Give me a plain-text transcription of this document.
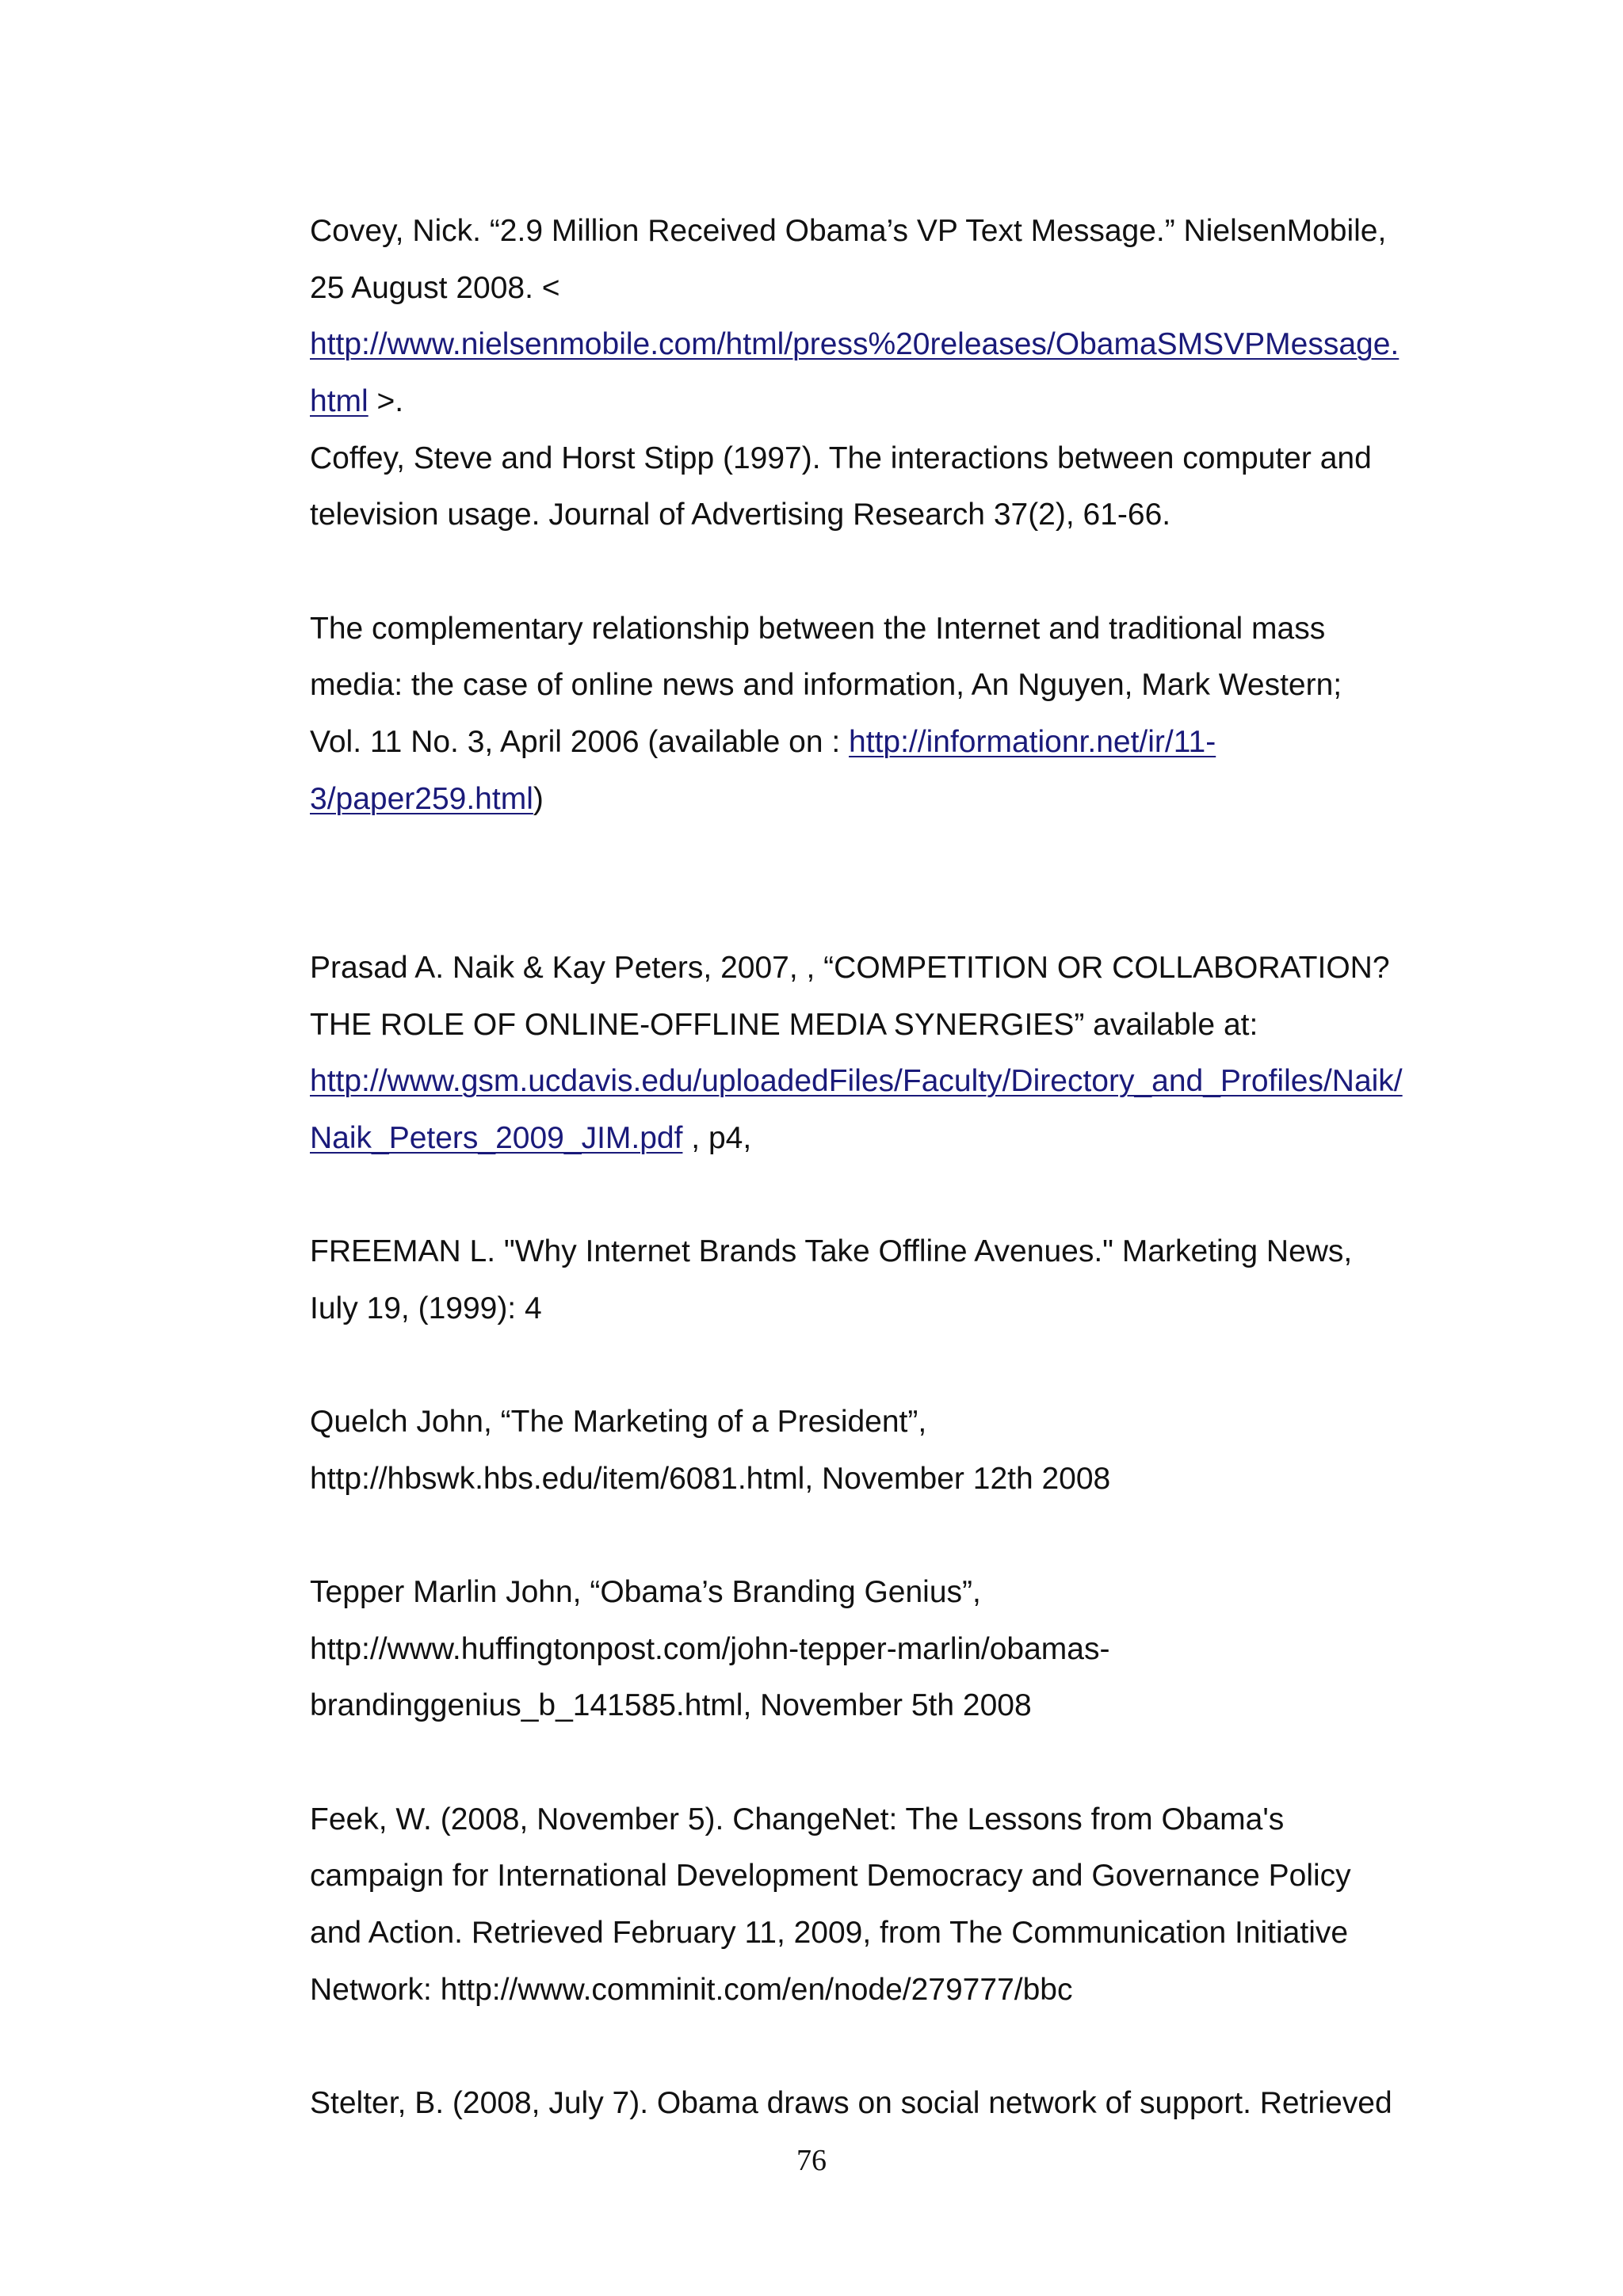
Covey, Nick. “2.9 Million Received Obama’s VP Text Message.” NielsenMobile,
25 August 2008. <
http://www.nielsenmobile.com/html/press%20releases/ObamaSMSVPMessage.
html >.
Coffey, Steve and Horst Stipp (1997). The interactions between computer and
television usage. Journal of Advertising Research 37(2), 61-66.
The complementary relationship between the Internet and traditional mass
media: the case of online news and information, An Nguyen, Mark Western;
Vol. 11 No. 3, April 2006 (available on : http://informationr.net/ir/11-
3/paper259.html)
Prasad A. Naik & Kay Peters, 2007, , “COMPETITION OR COLLABORATION?
THE ROLE OF ONLINE-OFFLINE MEDIA SYNERGIES” available at:
http://www.gsm.ucdavis.edu/uploadedFiles/Faculty/Directory_and_Profiles/Naik/
Naik_Peters_2009_JIM.pdf , p4,
FREEMAN L. "Why Internet Brands Take Offline Avenues." Marketing News,
Iuly 19, (1999): 4
Quelch John, “The Marketing of a President”,
http://hbswk.hbs.edu/item/6081.html, November 12th 2008
Tepper Marlin John, “Obama’s Branding Genius”,
http://www.huffingtonpost.com/john-tepper-marlin/obamas-
brandinggenius_b_141585.html, November 5th 2008
Feek, W. (2008, November 5). ChangeNet: The Lessons from Obama's
campaign for International Development Democracy and Governance Policy
and Action. Retrieved February 11, 2009, from The Communication Initiative
Network: http://www.comminit.com/en/node/279777/bbc
Stelter, B. (2008, July 7). Obama draws on social network of support. Retrieved
76
